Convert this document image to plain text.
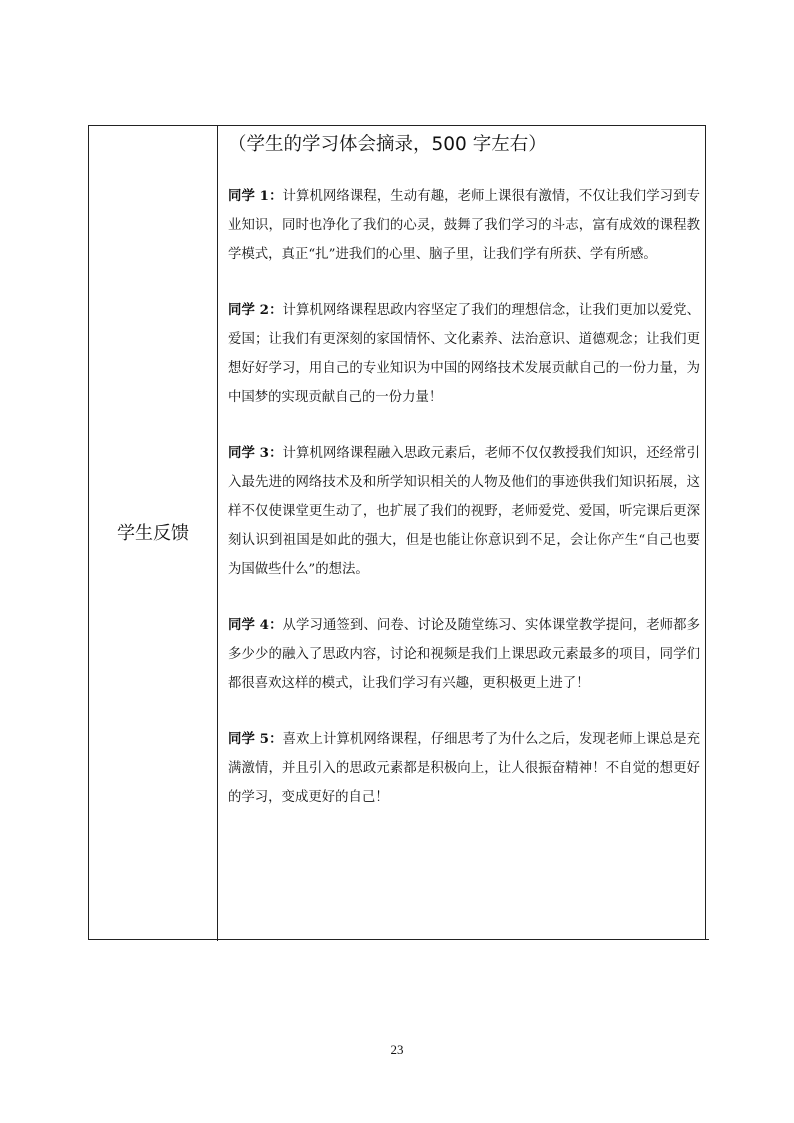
学生反馈

（学生的学习体会摘录，500 字左右）

同学 1：计算机网络课程，生动有趣，老师上课很有激情，不仅让我们学习到专业知识，同时也净化了我们的心灵，鼓舞了我们学习的斗志，富有成效的课程教学模式，真正“扎”进我们的心里、脑子里，让我们学有所获、学有所感。

同学 2：计算机网络课程思政内容坚定了我们的理想信念，让我们更加以爱党、爱国；让我们有更深刻的家国情怀、文化素养、法治意识、道德观念；让我们更想好好学习，用自己的专业知识为中国的网络技术发展贡献自己的一份力量，为中国梦的实现贡献自己的一份力量！

同学 3：计算机网络课程融入思政元素后，老师不仅仅教授我们知识，还经常引入最先进的网络技术及和所学知识相关的人物及他们的事迹供我们知识拓展，这样不仅使课堂更生动了，也扩展了我们的视野，老师爱党、爱国，听完课后更深刻认识到祖国是如此的强大，但是也能让你意识到不足，会让你产生“自己也要为国做些什么”的想法。

同学 4：从学习通签到、问卷、讨论及随堂练习、实体课堂教学提问，老师都多多少少的融入了思政内容，讨论和视频是我们上课思政元素最多的项目，同学们都很喜欢这样的模式，让我们学习有兴趣，更积极更上进了！

同学 5：喜欢上计算机网络课程，仔细思考了为什么之后，发现老师上课总是充满激情，并且引入的思政元素都是积极向上，让人很振奋精神！不自觉的想更好的学习，变成更好的自己！

23
